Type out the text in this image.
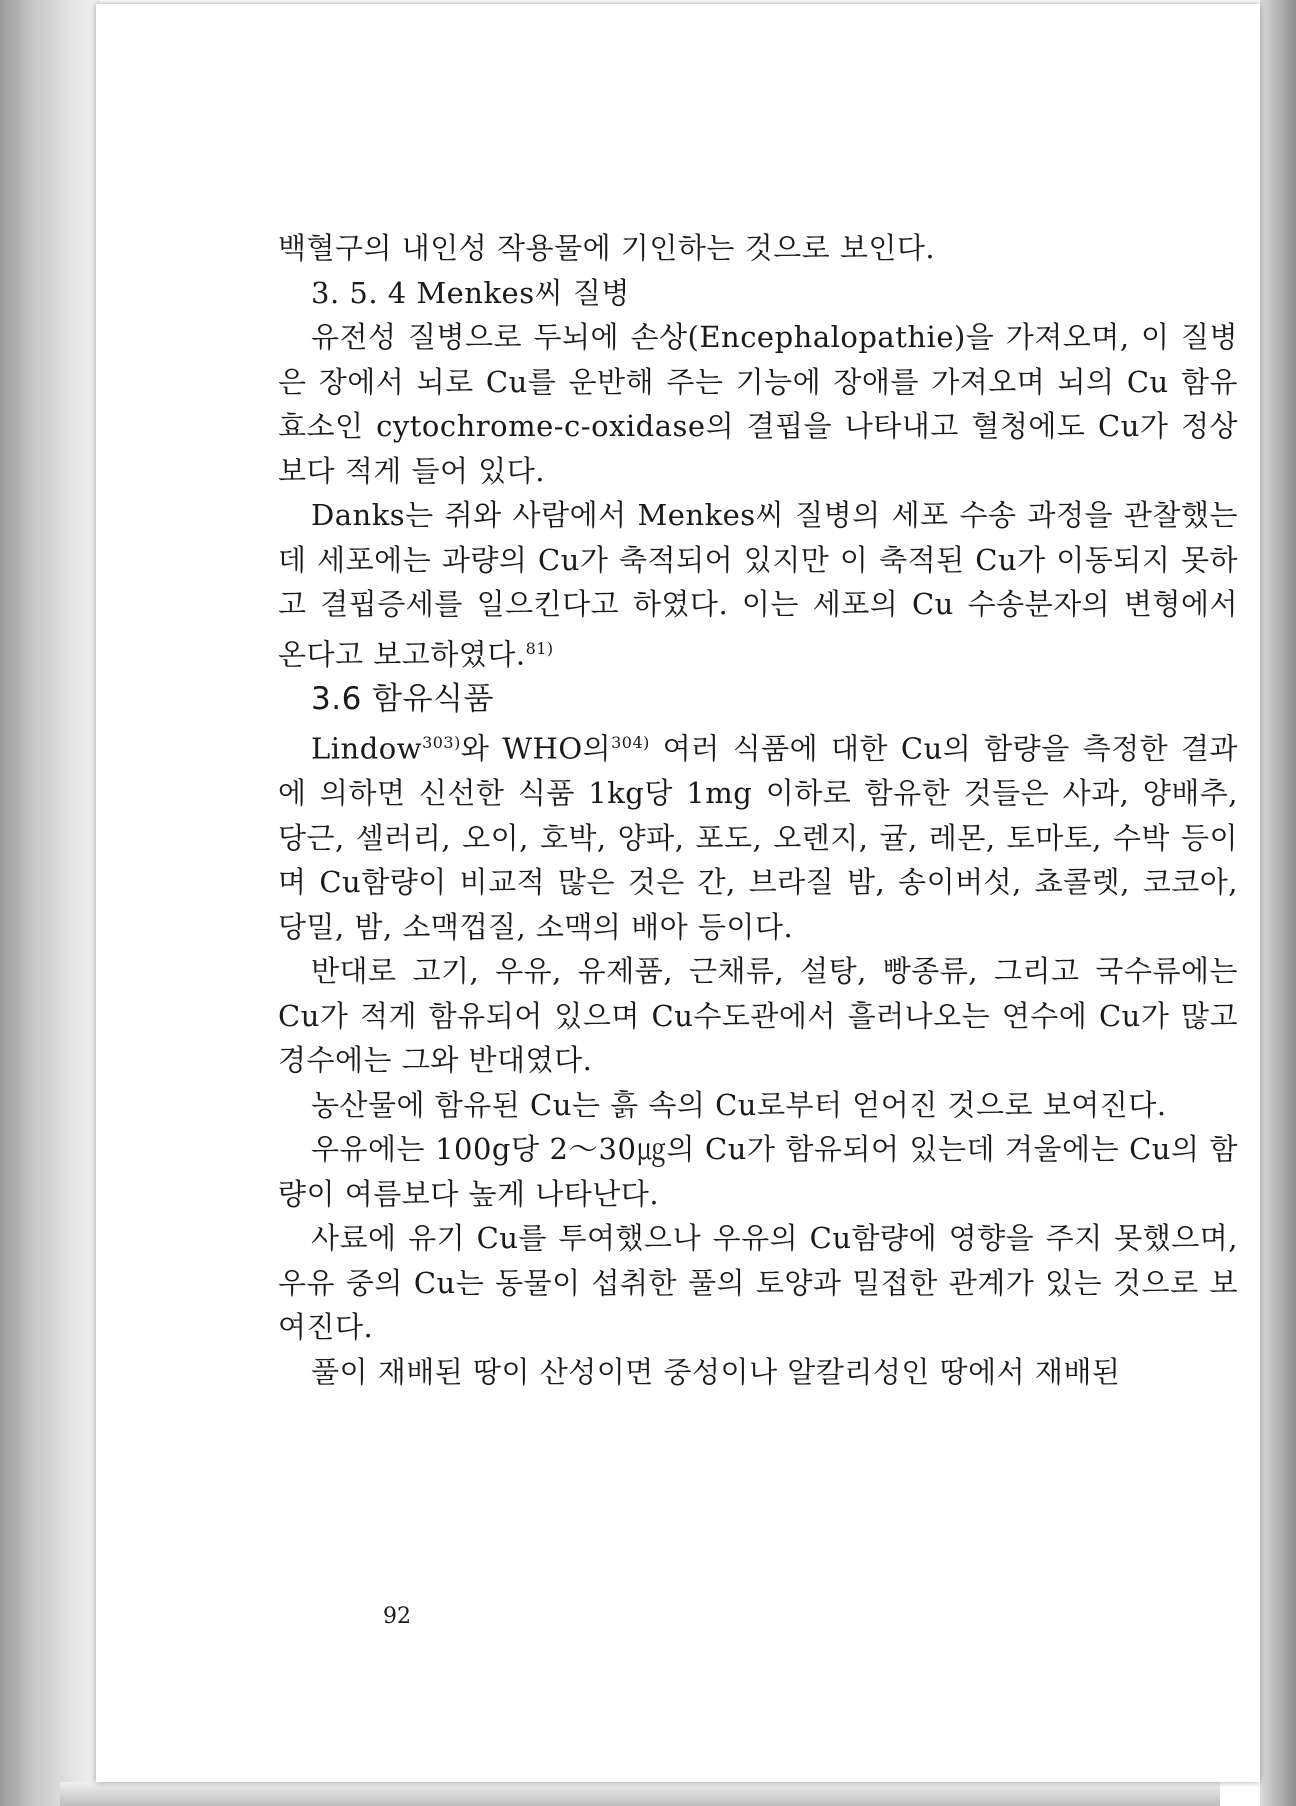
백혈구의 내인성 작용물에 기인하는 것으로 보인다.

3. 5. 4 Menkes씨 질병

유전성 질병으로 두뇌에 손상(Encephalopathie)을 가져오며, 이 질병은 장에서 뇌로 Cu를 운반해 주는 기능에 장애를 가져오며 뇌의 Cu 함유효소인 cytochrome-c-oxidase의 결핍을 나타내고 혈청에도 Cu가 정상보다 적게 들어 있다.

Danks는 쥐와 사람에서 Menkes씨 질병의 세포 수송 과정을 관찰했는데 세포에는 과량의 Cu가 축적되어 있지만 이 축적된 Cu가 이동되지 못하고 결핍증세를 일으킨다고 하였다. 이는 세포의 Cu 수송분자의 변형에서 온다고 보고하였다.$^{81)}$

3.6 함유식품

Lindow$^{303)}$와 WHO의$^{304)}$ 여러 식품에 대한 Cu의 함량을 측정한 결과에 의하면 신선한 식품 1kg당 1mg 이하로 함유한 것들은 사과, 양배추, 당근, 셀러리, 오이, 호박, 양파, 포도, 오렌지, 귤, 레몬, 토마토, 수박 등이며 Cu함량이 비교적 많은 것은 간, 브라질 밤, 송이버섯, 쵸콜렛, 코코아, 당밀, 밤, 소맥껍질, 소맥의 배아 등이다.

반대로 고기, 우유, 유제품, 근채류, 설탕, 빵종류, 그리고 국수류에는 Cu가 적게 함유되어 있으며 Cu수도관에서 흘러나오는 연수에 Cu가 많고 경수에는 그와 반대였다.

농산물에 함유된 Cu는 흙 속의 Cu로부터 얻어진 것으로 보여진다.

우유에는 100g당 2～30㎍의 Cu가 함유되어 있는데 겨울에는 Cu의 함량이 여름보다 높게 나타난다.

사료에 유기 Cu를 투여했으나 우유의 Cu함량에 영향을 주지 못했으며, 우유 중의 Cu는 동물이 섭취한 풀의 토양과 밀접한 관계가 있는 것으로 보여진다.

풀이 재배된 땅이 산성이면 중성이나 알칼리성인 땅에서 재배된

92
